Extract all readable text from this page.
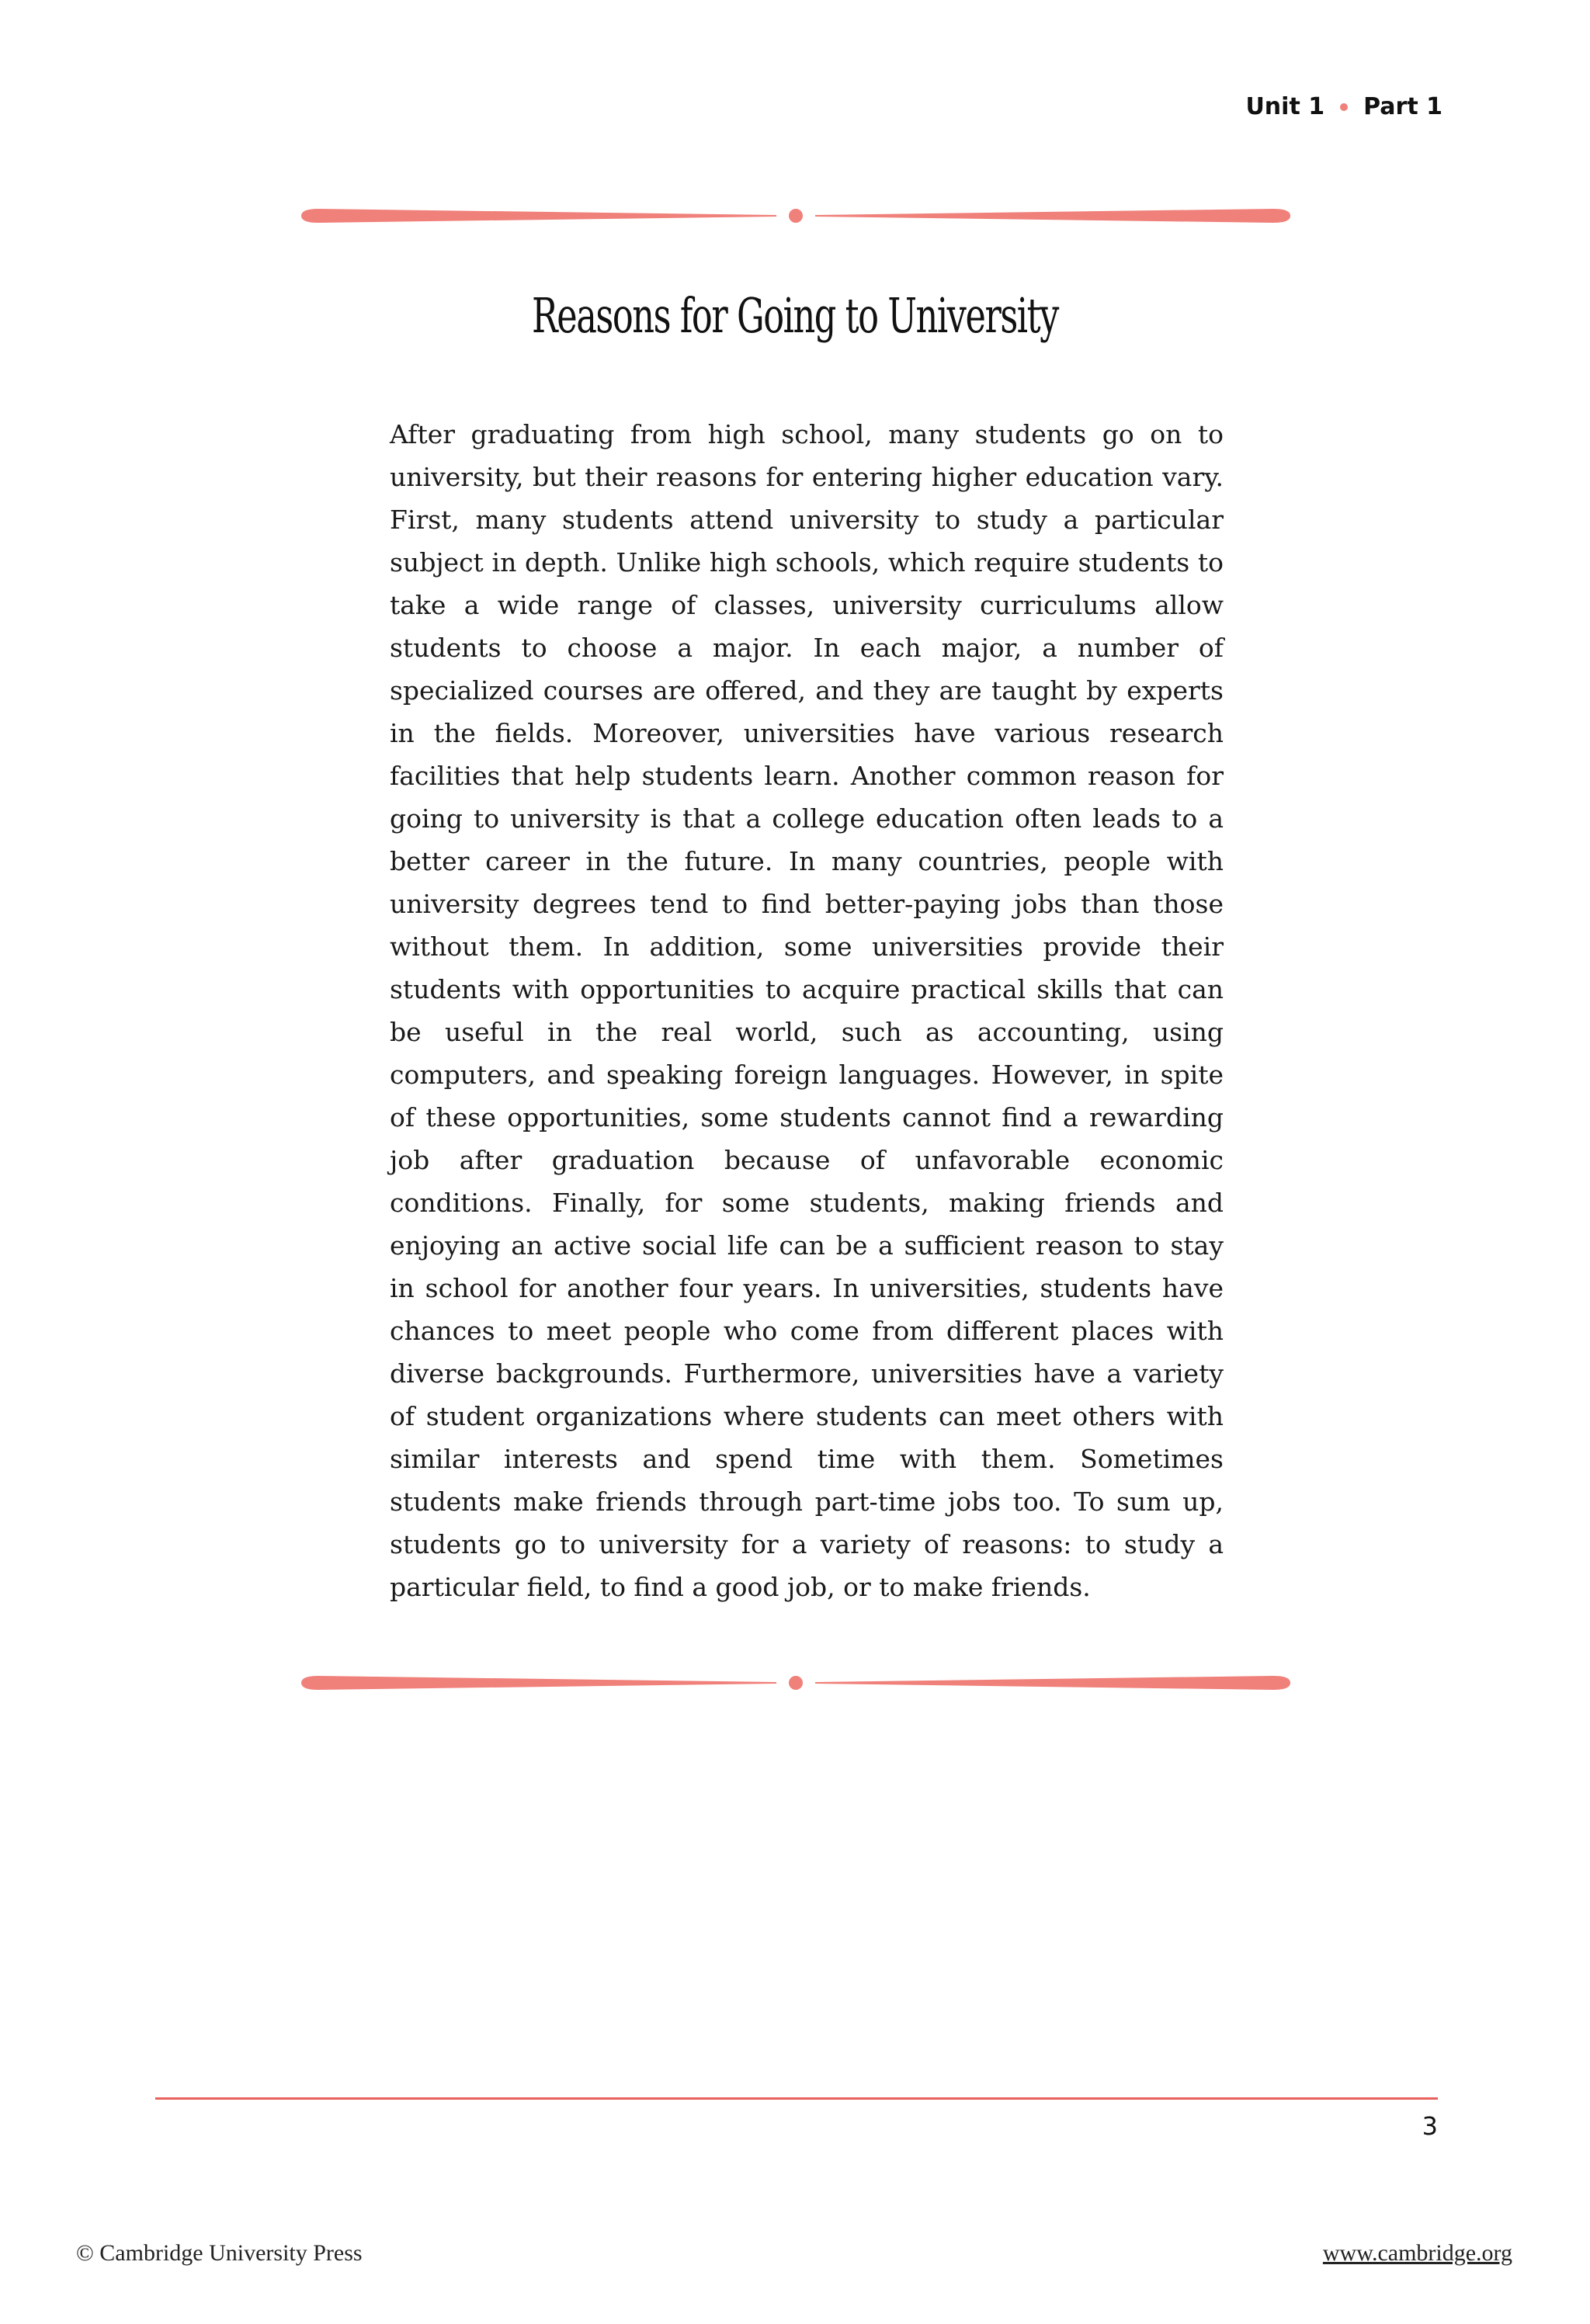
Unit 1 Part 1
Reasons for Going to University

After graduating from high school, many students go on to university, but their reasons for entering higher education vary. First, many students attend university to study a particular subject in depth. Unlike high schools, which require students to take a wide range of classes, university curriculums allow students to choose a major. In each major, a number of specialized courses are offered, and they are taught by experts in the fields. Moreover, universities have various research facilities that help students learn. Another common reason for going to university is that a college education often leads to a better career in the future. In many countries, people with university degrees tend to find better-paying jobs than those without them. In addition, some universities provide their students with opportunities to acquire practical skills that can be useful in the real world, such as accounting, using computers, and speaking foreign languages. However, in spite of these opportunities, some students cannot find a rewarding job after graduation because of unfavorable economic conditions. Finally, for some students, making friends and enjoying an active social life can be a sufficient reason to stay in school for another four years. In universities, students have chances to meet people who come from different places with diverse backgrounds. Furthermore, universities have a variety of student organizations where students can meet others with similar interests and spend time with them. Sometimes students make friends through part-time jobs too. To sum up, students go to university for a variety of reasons: to study a particular field, to find a good job, or to make friends.

3
© Cambridge University Press	www.cambridge.org
